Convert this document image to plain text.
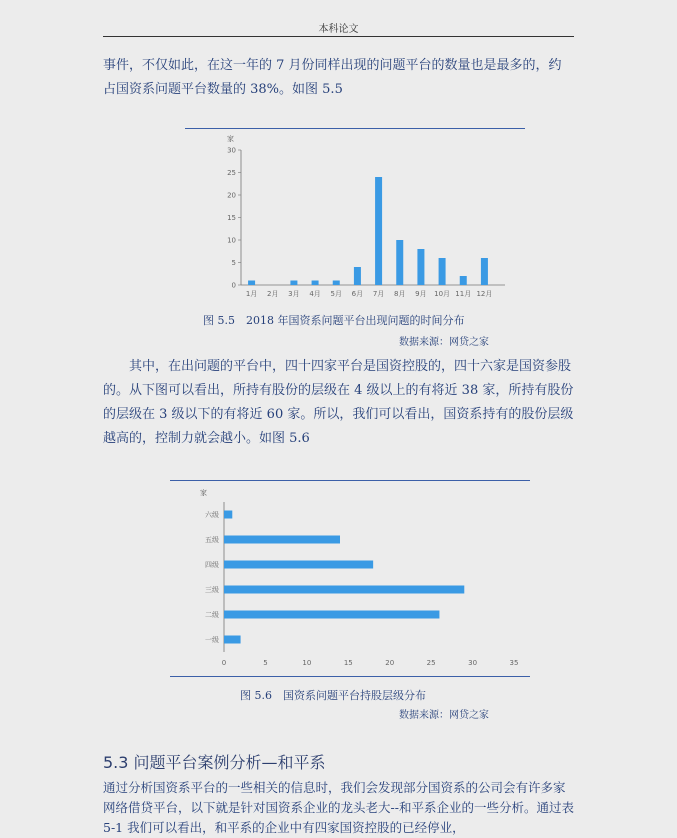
本科论文

事件，不仅如此，在这一年的 7 月份同样出现的问题平台的数量也是最多的，约占国资系问题平台数量的 38%。如图 5.5

家
0
5
10
15
20
25
30
1月 2月 3月 4月 5月 6月 7月 8月 9月 10月 11月 12月
图 5.5　2018 年国资系问题平台出现问题的时间分布
数据来源：网贷之家

其中，在出问题的平台中，四十四家平台是国资控股的，四十六家是国资参股的。从下图可以看出，所持有股份的层级在 4 级以上的有将近 38 家，所持有股份的层级在 3 级以下的有将近 60 家。所以，我们可以看出，国资系持有的股份层级越高的，控制力就会越小。如图 5.6

家
0	5	10	15	20	25	30	35
一级
二级
三级
四级
五级
六级
图 5.6　国资系问题平台持股层级分布
数据来源：网贷之家
5.3 问题平台案例分析—和平系

通过分析国资系平台的一些相关的信息时，我们会发现部分国资系的公司会有许多家网络借贷平台，以下就是针对国资系企业的龙头老大--和平系企业的一些分析。通过表 5-1 我们可以看出，和平系的企业中有四家国资控股的已经停业，
